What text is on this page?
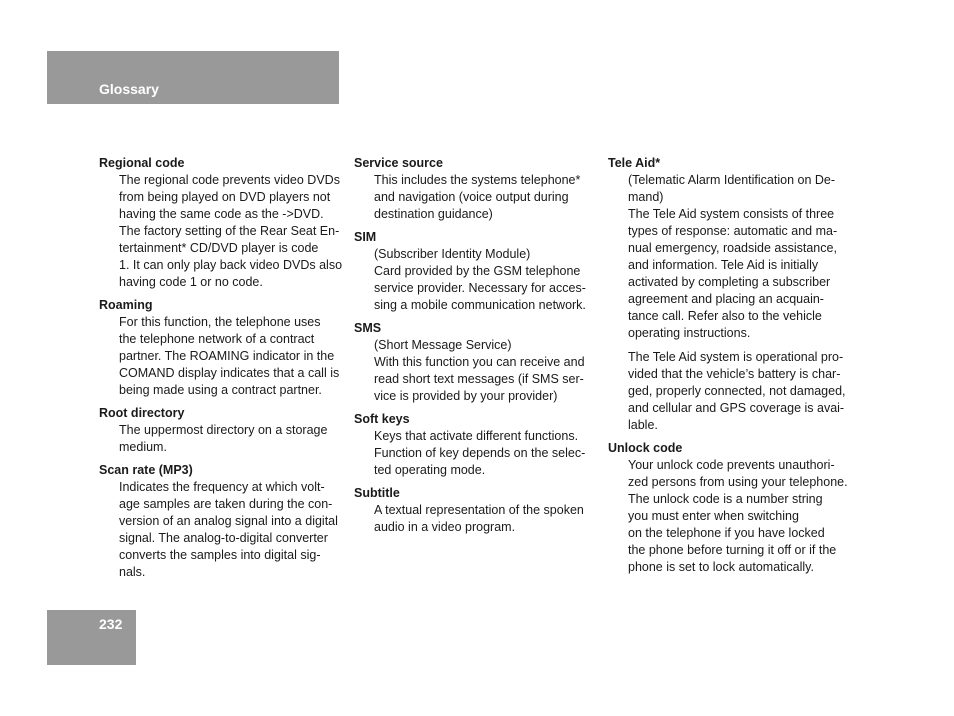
Glossary
Regional code
The regional code prevents video DVDs
from being played on DVD players not
having the same code as the ->DVD.
The factory setting of the Rear Seat En-
tertainment* CD/DVD player is code
1. It can only play back video DVDs also
having code 1 or no code.
Roaming
For this function, the telephone uses
the telephone network of a contract
partner. The ROAMING indicator in the
COMAND display indicates that a call is
being made using a contract partner.
Root directory
The uppermost directory on a storage
medium.
Scan rate (MP3)
Indicates the frequency at which volt-
age samples are taken during the con-
version of an analog signal into a digital
signal. The analog-to-digital converter
converts the samples into digital sig-
nals.
Service source
This includes the systems telephone*
and navigation (voice output during
destination guidance)
SIM
(Subscriber Identity Module)
Card provided by the GSM telephone
service provider. Necessary for acces-
sing a mobile communication network.
SMS
(Short Message Service)
With this function you can receive and
read short text messages (if SMS ser-
vice is provided by your provider)
Soft keys
Keys that activate different functions.
Function of key depends on the selec-
ted operating mode.
Subtitle
A textual representation of the spoken
audio in a video program.
Tele Aid*
(Telematic Alarm Identification on De-
mand)
The Tele Aid system consists of three
types of response: automatic and ma-
nual emergency, roadside assistance,
and information. Tele Aid is initially
activated by completing a subscriber
agreement and placing an acquain-
tance call. Refer also to the vehicle
operating instructions.
The Tele Aid system is operational pro-
vided that the vehicle’s battery is char-
ged, properly connected, not damaged,
and cellular and GPS coverage is avai-
lable.
Unlock code
Your unlock code prevents unauthori-
zed persons from using your telephone.
The unlock code is a number string
you must enter when switching
on the telephone if you have locked
the phone before turning it off or if the
phone is set to lock automatically.
232
